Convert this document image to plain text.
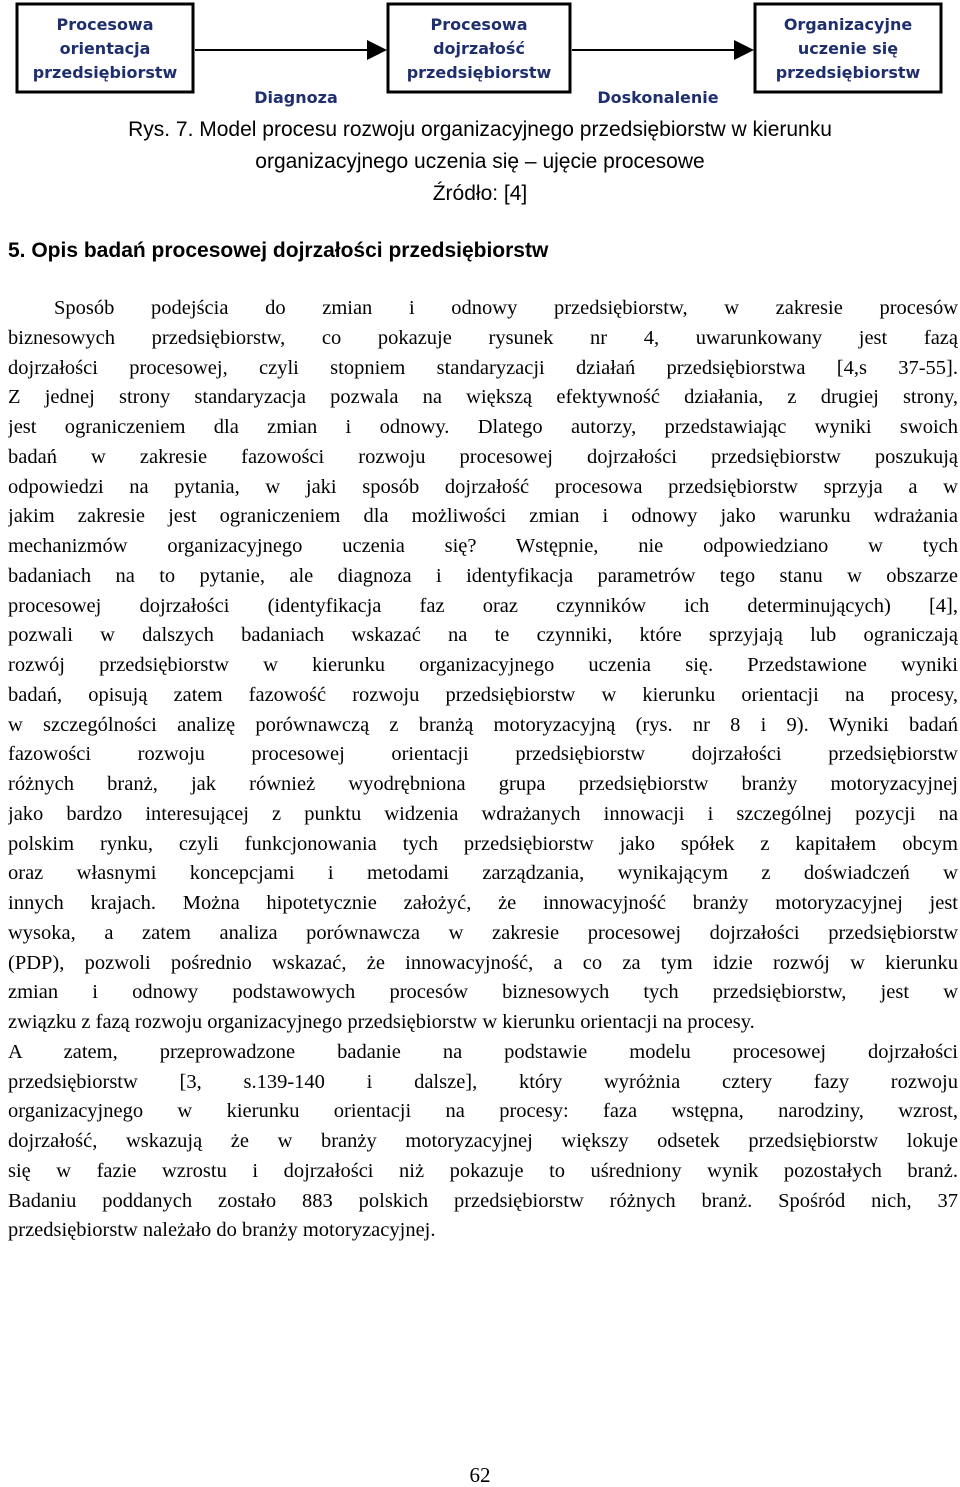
Procesowa
orientacja
przedsiębiorstw
Diagnoza
Procesowa
dojrzałość
przedsiębiorstw
Doskonalenie
Organizacyjne
uczenie się
przedsiębiorstw
Rys. 7. Model procesu rozwoju organizacyjnego przedsiębiorstw w kierunku
organizacyjnego uczenia się – ujęcie procesowe
Źródło: [4]
5. Opis badań procesowej dojrzałości przedsiębiorstw
Sposób podejścia do zmian i odnowy przedsiębiorstw, w zakresie procesów
biznesowych przedsiębiorstw, co pokazuje rysunek nr 4, uwarunkowany jest fazą
dojrzałości procesowej, czyli stopniem standaryzacji działań przedsiębiorstwa [4,s 37-55].
Z jednej strony standaryzacja pozwala na większą efektywność działania, z drugiej strony,
jest ograniczeniem dla zmian i odnowy. Dlatego autorzy, przedstawiając wyniki swoich
badań w zakresie fazowości rozwoju procesowej dojrzałości przedsiębiorstw poszukują
odpowiedzi na pytania, w jaki sposób dojrzałość procesowa przedsiębiorstw sprzyja a w
jakim zakresie jest ograniczeniem dla możliwości zmian i odnowy jako warunku wdrażania
mechanizmów organizacyjnego uczenia się? Wstępnie, nie odpowiedziano w tych
badaniach na to pytanie, ale diagnoza i identyfikacja parametrów tego stanu w obszarze
procesowej dojrzałości (identyfikacja faz oraz czynników ich determinujących) [4],
pozwali w dalszych badaniach wskazać na te czynniki, które sprzyjają lub ograniczają
rozwój przedsiębiorstw w kierunku organizacyjnego uczenia się. Przedstawione wyniki
badań, opisują zatem fazowość rozwoju przedsiębiorstw w kierunku orientacji na procesy,
w szczególności analizę porównawczą z branżą motoryzacyjną (rys. nr 8 i 9). Wyniki badań
fazowości rozwoju procesowej orientacji przedsiębiorstw dojrzałości przedsiębiorstw
różnych branż, jak również wyodrębniona grupa przedsiębiorstw branży motoryzacyjnej
jako bardzo interesującej z punktu widzenia wdrażanych innowacji i szczególnej pozycji na
polskim rynku, czyli funkcjonowania tych przedsiębiorstw jako spółek z kapitałem obcym
oraz własnymi koncepcjami i metodami zarządzania, wynikającym z doświadczeń w
innych krajach. Można hipotetycznie założyć, że innowacyjność branży motoryzacyjnej jest
wysoka, a zatem analiza porównawcza w zakresie procesowej dojrzałości przedsiębiorstw
(PDP), pozwoli pośrednio wskazać, że innowacyjność, a co za tym idzie rozwój w kierunku
zmian i odnowy podstawowych procesów biznesowych tych przedsiębiorstw, jest w
związku z fazą rozwoju organizacyjnego przedsiębiorstw w kierunku orientacji na procesy.
A zatem, przeprowadzone badanie na podstawie modelu procesowej dojrzałości
przedsiębiorstw [3, s.139-140 i dalsze], który wyróżnia cztery fazy rozwoju
organizacyjnego w kierunku orientacji na procesy: faza wstępna, narodziny, wzrost,
dojrzałość, wskazują że w branży motoryzacyjnej większy odsetek przedsiębiorstw lokuje
się w fazie wzrostu i dojrzałości niż pokazuje to uśredniony wynik pozostałych branż.
Badaniu poddanych zostało 883 polskich przedsiębiorstw różnych branż. Spośród nich, 37
przedsiębiorstw należało do branży motoryzacyjnej.
62
